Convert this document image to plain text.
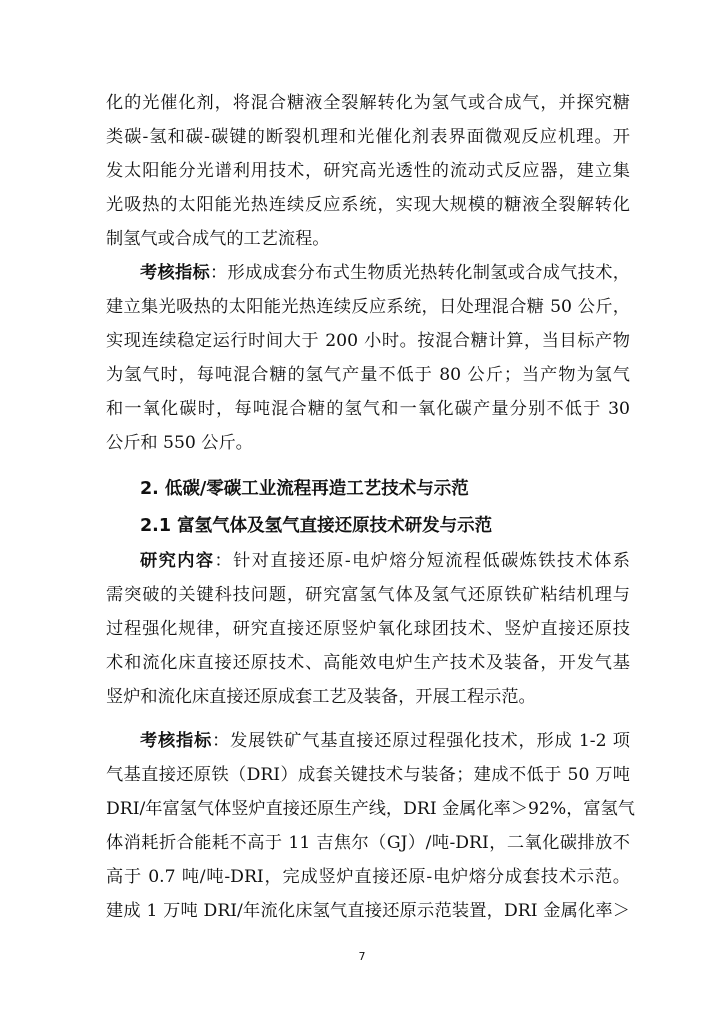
化的光催化剂，将混合糖液全裂解转化为氢气或合成气，并探究糖
类碳-氢和碳-碳键的断裂机理和光催化剂表界面微观反应机理。开
发太阳能分光谱利用技术，研究高光透性的流动式反应器，建立集
光吸热的太阳能光热连续反应系统，实现大规模的糖液全裂解转化
制氢气或合成气的工艺流程。
考核指标：形成成套分布式生物质光热转化制氢或合成气技术，
建立集光吸热的太阳能光热连续反应系统，日处理混合糖 50 公斤，
实现连续稳定运行时间大于 200 小时。按混合糖计算，当目标产物
为氢气时，每吨混合糖的氢气产量不低于 80 公斤；当产物为氢气
和一氧化碳时，每吨混合糖的氢气和一氧化碳产量分别不低于 30
公斤和 550 公斤。
2. 低碳/零碳工业流程再造工艺技术与示范
2.1 富氢气体及氢气直接还原技术研发与示范
研究内容：针对直接还原-电炉熔分短流程低碳炼铁技术体系
需突破的关键科技问题，研究富氢气体及氢气还原铁矿粘结机理与
过程强化规律，研究直接还原竖炉氧化球团技术、竖炉直接还原技
术和流化床直接还原技术、高能效电炉生产技术及装备，开发气基
竖炉和流化床直接还原成套工艺及装备，开展工程示范。
考核指标：发展铁矿气基直接还原过程强化技术，形成 1-2 项
气基直接还原铁（DRI）成套关键技术与装备；建成不低于 50 万吨
DRI/年富氢气体竖炉直接还原生产线，DRI 金属化率＞92%，富氢气
体消耗折合能耗不高于 11 吉焦尔（GJ）/吨-DRI，二氧化碳排放不
高于 0.7 吨/吨-DRI，完成竖炉直接还原-电炉熔分成套技术示范。
建成 1 万吨 DRI/年流化床氢气直接还原示范装置，DRI 金属化率＞
7
